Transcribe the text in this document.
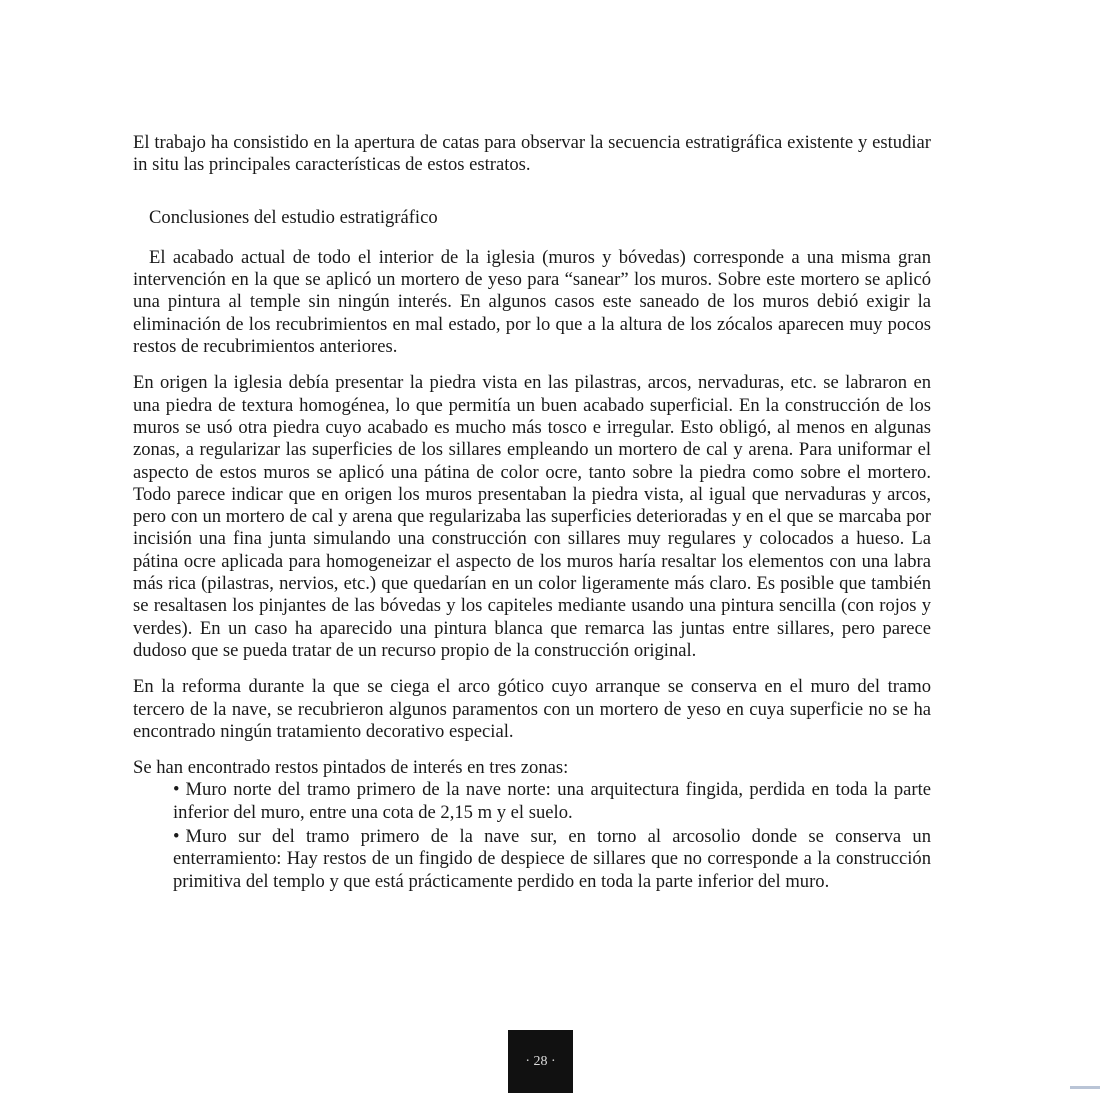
El trabajo ha consistido en la apertura de catas para observar la secuencia estratigráfica existente y estudiar in situ las principales características de estos estratos.

Conclusiones del estudio estratigráfico

El acabado actual de todo el interior de la iglesia (muros y bóvedas) corresponde a una misma gran intervención en la que se aplicó un mortero de yeso para “sanear” los muros. Sobre este mortero se aplicó una pintura al temple sin ningún interés. En algunos casos este saneado de los muros debió exigir la eliminación de los recubrimientos en mal estado, por lo que a la altura de los zócalos aparecen muy pocos restos de recubrimientos anteriores.

En origen la iglesia debía presentar la piedra vista en las pilastras, arcos, nervaduras, etc. se labraron en una piedra de textura homogénea, lo que permitía un buen acabado superficial. En la construcción de los muros se usó otra piedra cuyo acabado es mucho más tosco e irregular. Esto obligó, al menos en algunas zonas, a regularizar las superficies de los sillares empleando un mortero de cal y arena. Para uniformar el aspecto de estos muros se aplicó una pátina de color ocre, tanto sobre la piedra como sobre el mortero. Todo parece indicar que en origen los muros presentaban la piedra vista, al igual que nervaduras y arcos, pero con un mortero de cal y arena que regularizaba las superficies deterioradas y en el que se marcaba por incisión una fina junta simulando una construcción con sillares muy regulares y colocados a hueso. La pátina ocre aplicada para homogeneizar el aspecto de los muros haría resaltar los elementos con una labra más rica (pilastras, nervios, etc.) que quedarían en un color ligeramente más claro. Es posible que también se resaltasen los pinjantes de las bóvedas y los capiteles mediante usando una pintura sencilla (con rojos y verdes). En un caso ha aparecido una pintura blanca que remarca las juntas entre sillares, pero parece dudoso que se pueda tratar de un recurso propio de la construcción original.

En la reforma durante la que se ciega el arco gótico cuyo arranque se conserva en el muro del tramo tercero de la nave, se recubrieron algunos paramentos con un mortero de yeso en cuya superficie no se ha encontrado ningún tratamiento decorativo especial.

Se han encontrado restos pintados de interés en tres zonas:

• Muro norte del tramo primero de la nave norte: una arquitectura fingida, perdida en toda la parte inferior del muro, entre una cota de 2,15 m y el suelo.
• Muro sur del tramo primero de la nave sur, en torno al arcosolio donde se conserva un enterramiento: Hay restos de un fingido de despiece de sillares que no corresponde a la construcción primitiva del templo y que está prácticamente perdido en toda la parte inferior del muro.
· 28 ·
